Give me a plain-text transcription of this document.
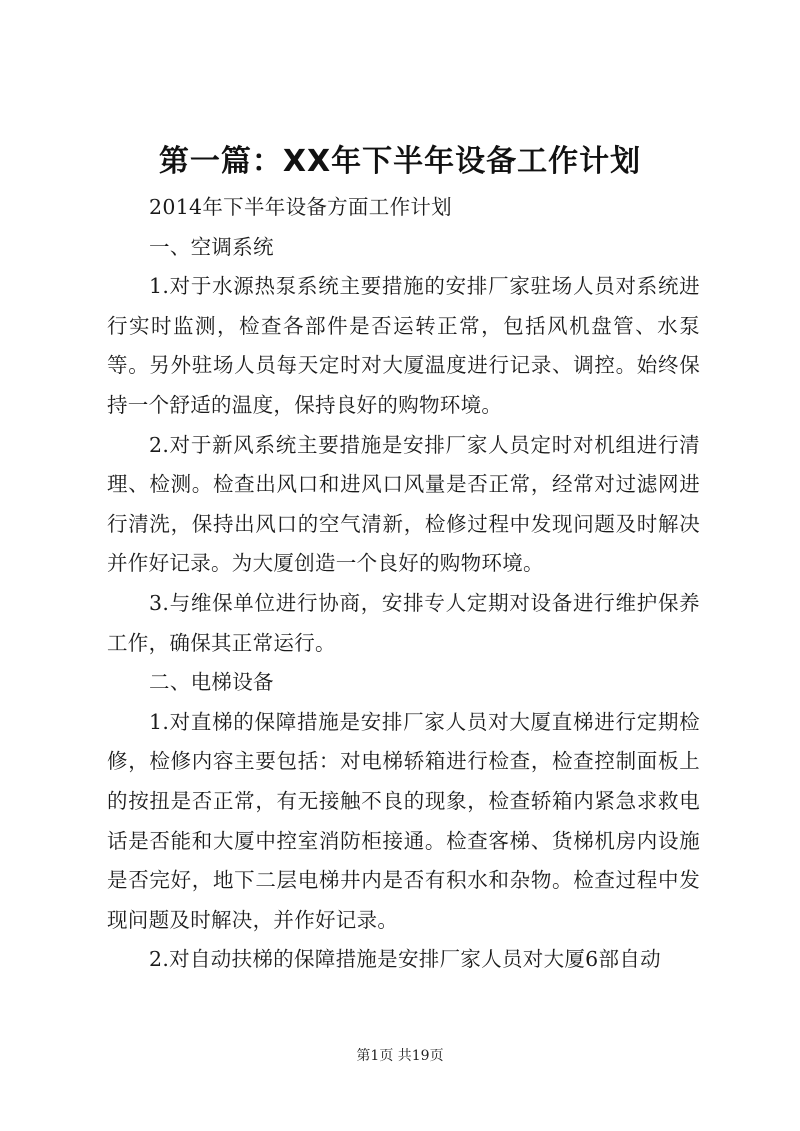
第一篇：XX年下半年设备工作计划

2014年下半年设备方面工作计划

一、空调系统

1.对于水源热泵系统主要措施的安排厂家驻场人员对系统进行实时监测，检查各部件是否运转正常，包括风机盘管、水泵等。另外驻场人员每天定时对大厦温度进行记录、调控。始终保持一个舒适的温度，保持良好的购物环境。

2.对于新风系统主要措施是安排厂家人员定时对机组进行清理、检测。检查出风口和进风口风量是否正常，经常对过滤网进行清洗，保持出风口的空气清新，检修过程中发现问题及时解决并作好记录。为大厦创造一个良好的购物环境。

3.与维保单位进行协商，安排专人定期对设备进行维护保养工作，确保其正常运行。

二、电梯设备

1.对直梯的保障措施是安排厂家人员对大厦直梯进行定期检修，检修内容主要包括：对电梯轿箱进行检查，检查控制面板上的按扭是否正常，有无接触不良的现象，检查轿箱内紧急求救电话是否能和大厦中控室消防柜接通。检查客梯、货梯机房内设施是否完好，地下二层电梯井内是否有积水和杂物。检查过程中发现问题及时解决，并作好记录。

2.对自动扶梯的保障措施是安排厂家人员对大厦6部自动

第1页 共19页
